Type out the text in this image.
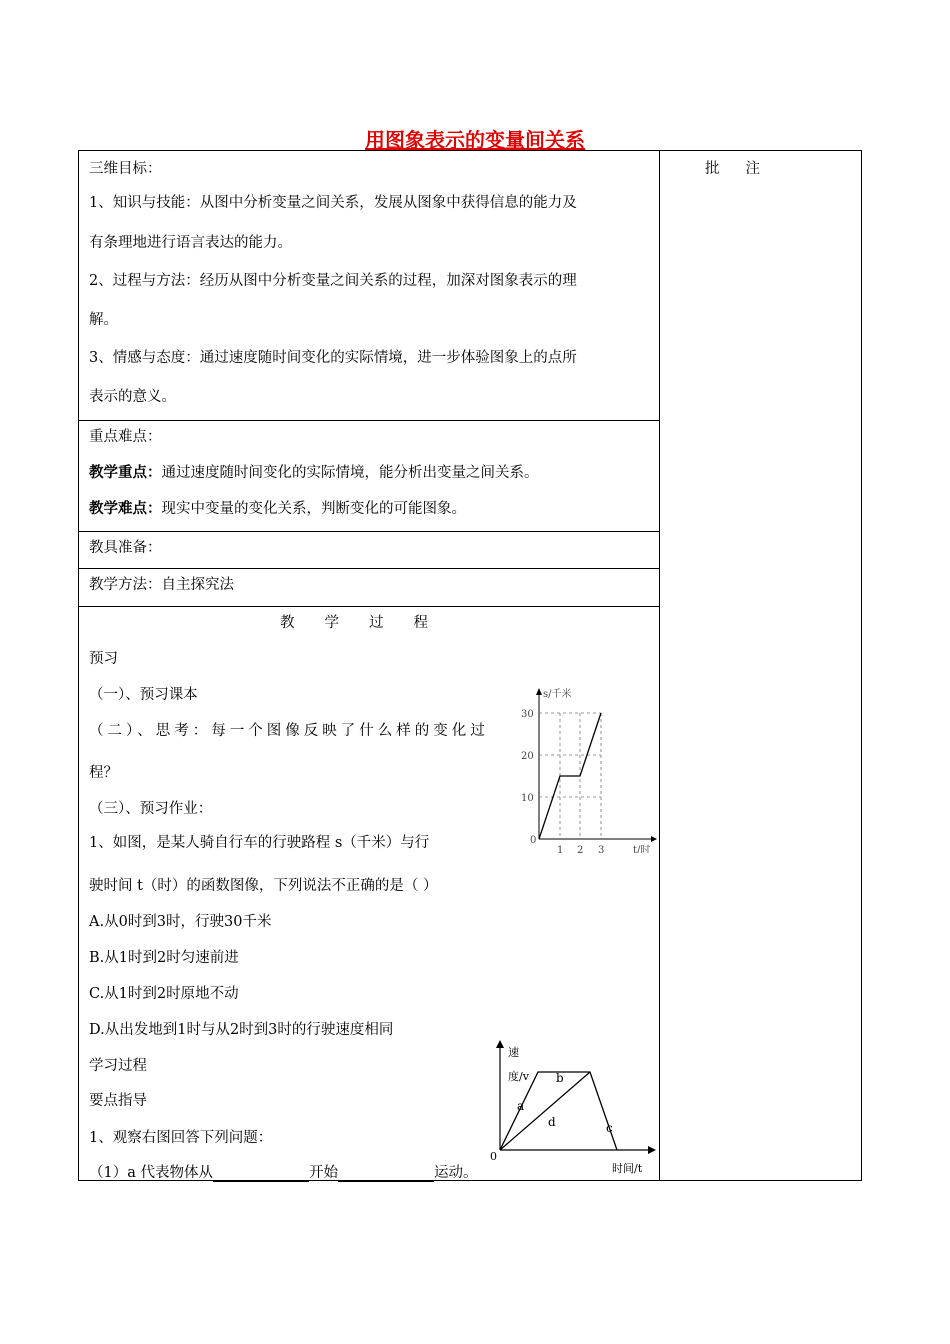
用图象表示的变量间关系
批注
三维目标：
1、知识与技能：从图中分析变量之间关系，发展从图象中获得信息的能力及
有条理地进行语言表达的能力。
2、过程与方法：经历从图中分析变量之间关系的过程，加深对图象表示的理
解。
3、情感与态度：通过速度随时间变化的实际情境，进一步体验图象上的点所
表示的意义。
重点难点：
教学重点：通过速度随时间变化的实际情境，能分析出变量之间关系。
教学难点：现实中变量的变化关系，判断变化的可能图象。
教具准备：
教学方法：自主探究法
教学过程
预习
（一）、预习课本
（二）、思考：每一个图像反映了什么样的变化过
程？
（三）、预习作业：
1、如图，是某人骑自行车的行驶路程 s（千米）与行
驶时间 t（时）的函数图像，下列说法不正确的是（ ）
A.从0时到3时，行驶30千米
B.从1时到2时匀速前进
C.从1时到2时原地不动
D.从出发地到1时与从2时到3时的行驶速度相同
学习过程
要点指导
1、观察右图回答下列问题：
（1）a 代表物体从	开始	运动。
s/千米
t/时
0
10
20
30
1 2 3
速
度/v
时间/t
0
a
b
c
d
